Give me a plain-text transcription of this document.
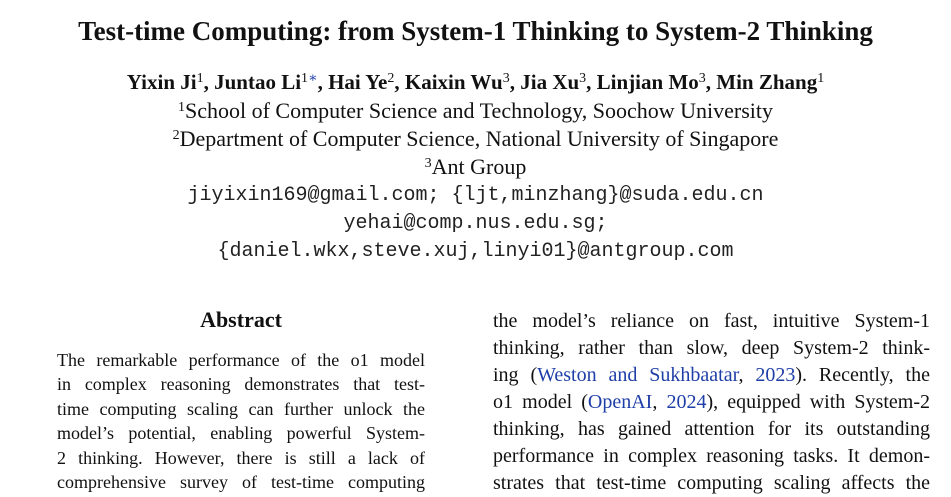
Test-time Computing: from System-1 Thinking to System-2 Thinking
Yixin Ji$^1$, Juntao $Li^{1∗}$, Hai Ye$^2$, Kaixin Wu$^3$, Jia Xu$^3$, Linjian Mo$^3$, Min Zhang$^1$
$^1$School of Computer Science and Technology, Soochow University
$^2$Department of Computer Science, National University of Singapore
$^3$Ant Group
jiyixin169@gmail.com; {ljt,minzhang}@suda.edu.cn
yehai@comp.nus.edu.sg;
{daniel.wkx,steve.xuj,linyi01}@antgroup.com
Abstract
The remarkable performance of the o1 model
in complex reasoning demonstrates that test-
time computing scaling can further unlock the
model’s potential, enabling powerful System-
2 thinking. However, there is still a lack of
comprehensive survey of test-time computing
the model’s reliance on fast, intuitive System-1
thinking, rather than slow, deep System-2 think-
ing (Weston and Sukhbaatar, 2023). Recently, the
o1 model (OpenAI, 2024), equipped with System-2
thinking, has gained attention for its outstanding
performance in complex reasoning tasks. It demon-
strates that test-time computing scaling affects the
